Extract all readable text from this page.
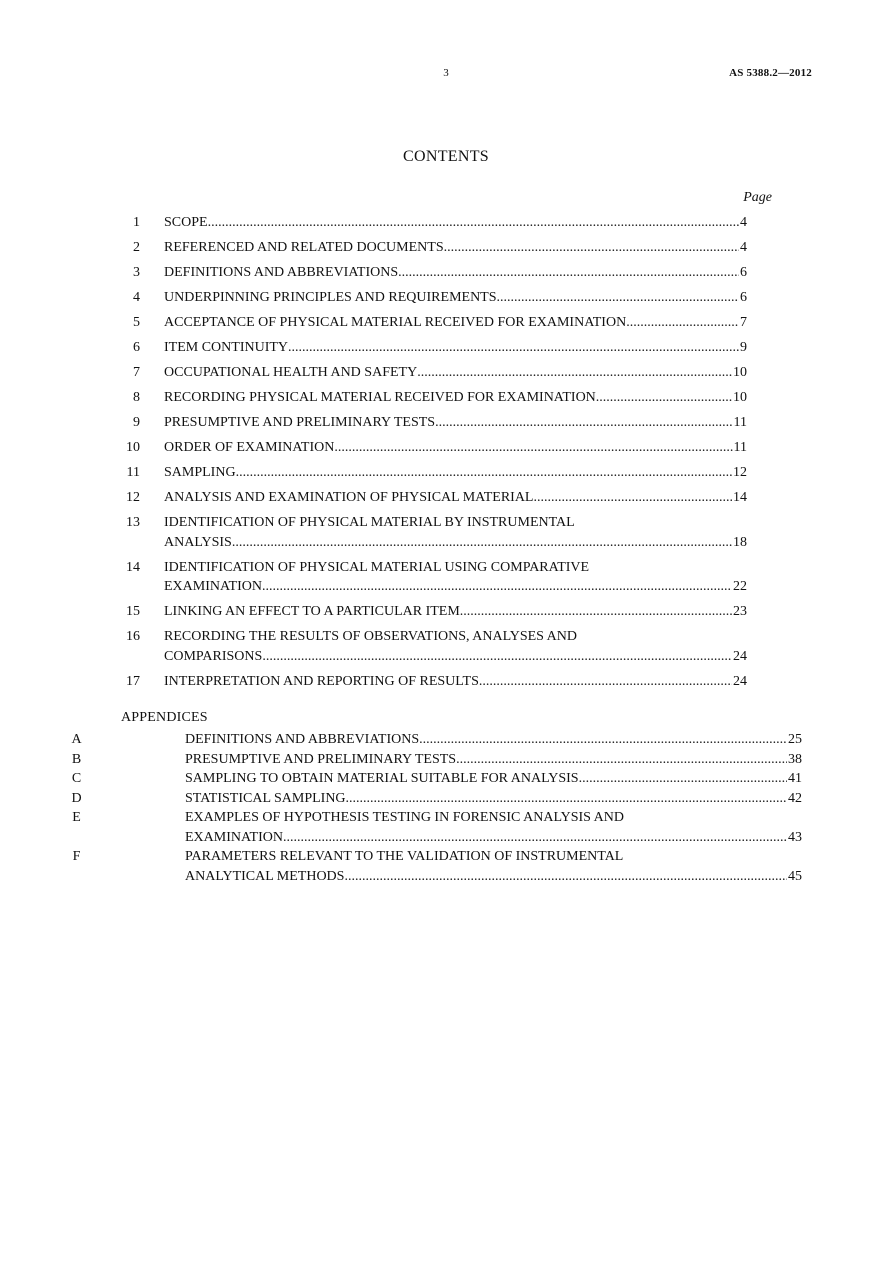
3	AS 5388.2—2012
CONTENTS
Page
1	SCOPE .....	4
2	REFERENCED AND RELATED DOCUMENTS .....	4
3	DEFINITIONS AND ABBREVIATIONS .....	6
4	UNDERPINNING PRINCIPLES AND REQUIREMENTS .....	6
5	ACCEPTANCE OF PHYSICAL MATERIAL RECEIVED FOR EXAMINATION .....	7
6	ITEM CONTINUITY .....	9
7	OCCUPATIONAL HEALTH AND SAFETY .....	10
8	RECORDING PHYSICAL MATERIAL RECEIVED FOR EXAMINATION .....	10
9	PRESUMPTIVE AND PRELIMINARY TESTS .....	11
10	ORDER OF EXAMINATION .....	11
11	SAMPLING .....	12
12	ANALYSIS AND EXAMINATION OF PHYSICAL MATERIAL .....	14
13	IDENTIFICATION OF PHYSICAL MATERIAL BY INSTRUMENTAL
ANALYSIS .....	18
14	IDENTIFICATION OF PHYSICAL MATERIAL USING COMPARATIVE
EXAMINATION .....	22
15	LINKING AN EFFECT TO A PARTICULAR ITEM .....	23
16	RECORDING THE RESULTS OF OBSERVATIONS, ANALYSES AND
COMPARISONS .....	24
17	INTERPRETATION AND REPORTING OF RESULTS .....	24
APPENDICES
A	DEFINITIONS AND ABBREVIATIONS .....	25
B	PRESUMPTIVE AND PRELIMINARY TESTS .....	38
C	SAMPLING TO OBTAIN MATERIAL SUITABLE FOR ANALYSIS .....	41
D	STATISTICAL SAMPLING .....	42
E	EXAMPLES OF HYPOTHESIS TESTING IN FORENSIC ANALYSIS AND
EXAMINATION .....	43
F	PARAMETERS RELEVANT TO THE VALIDATION OF INSTRUMENTAL
ANALYTICAL METHODS .....	45
